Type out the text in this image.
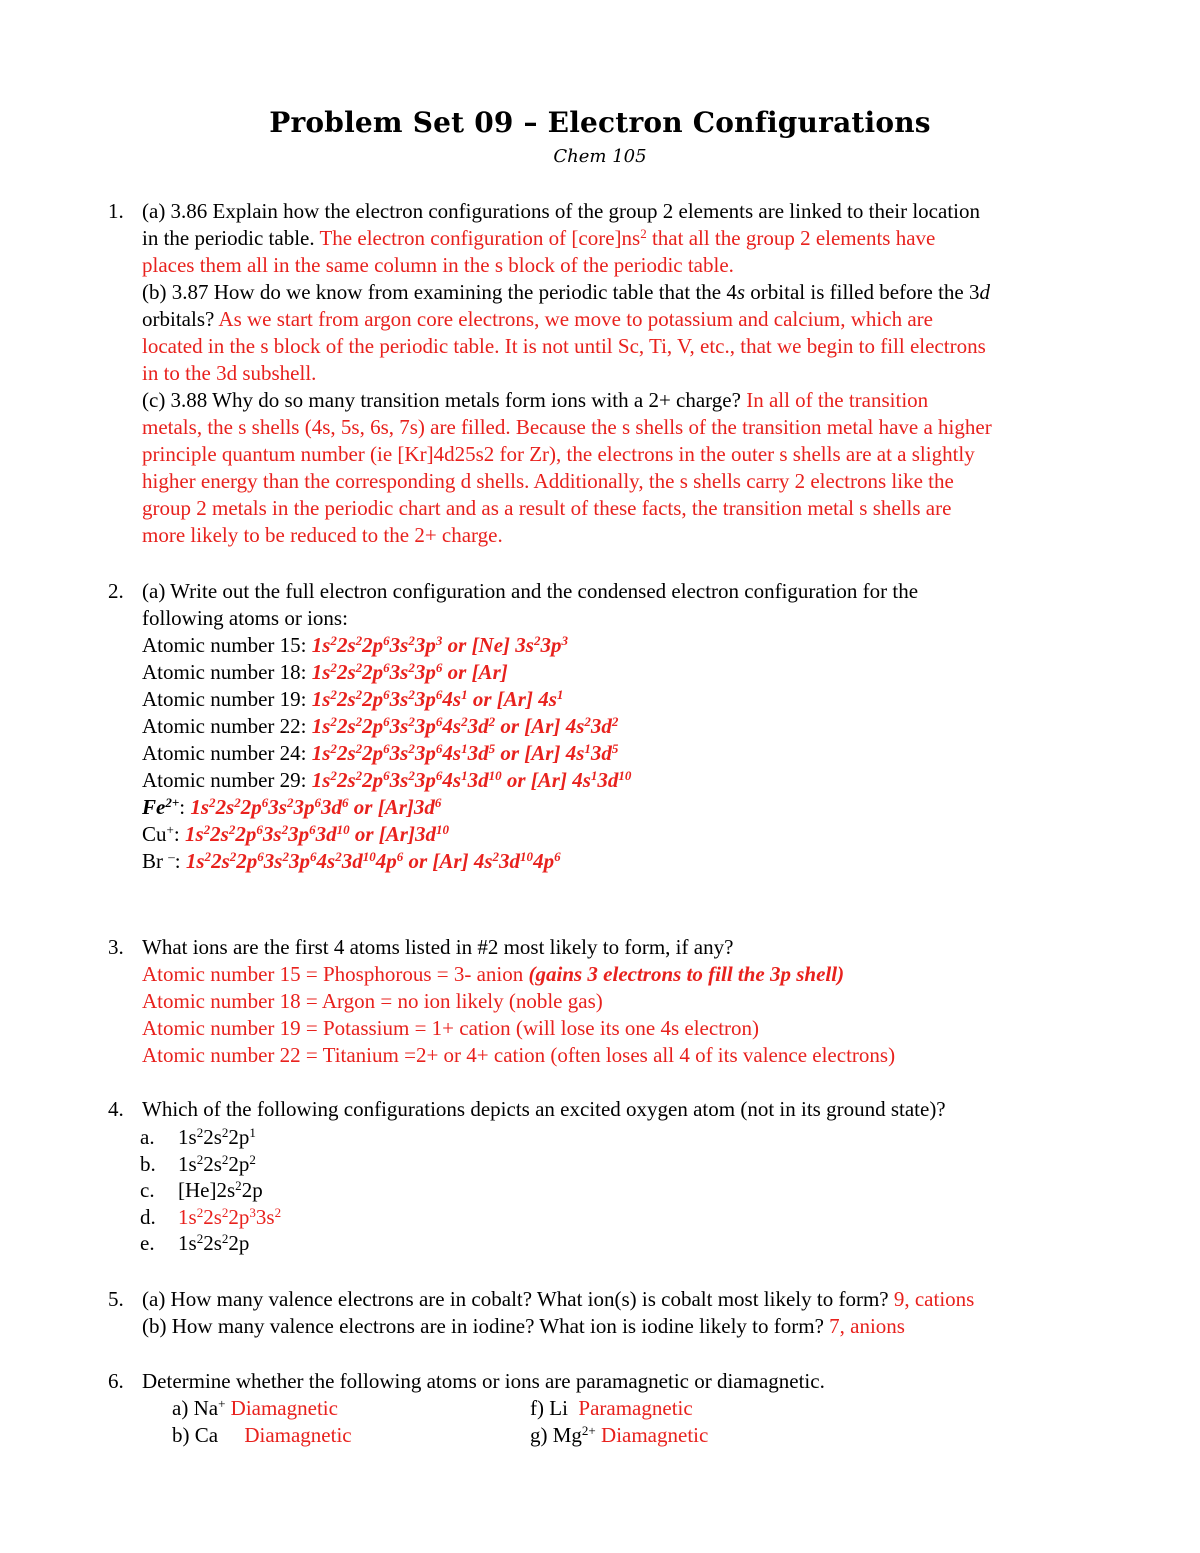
Problem Set 09 – Electron Configurations
Chem 105
1. (a) 3.86 Explain how the electron configurations of the group 2 elements are linked to their location
in the periodic table. The electron configuration of $[core]ns^2$ that all the group 2 elements have
places them all in the same column in the s block of the periodic table.
(b) 3.87 How do we know from examining the periodic table that the 4s orbital is filled before the 3d
orbitals? As we start from argon core electrons, we move to potassium and calcium, which are
located in the s block of the periodic table. It is not until Sc, Ti, V, etc., that we begin to fill electrons
in to the 3d subshell.
(c) 3.88 Why do so many transition metals form ions with a 2+ charge? In all of the transition
metals, the s shells (4s, 5s, 6s, 7s) are filled. Because the s shells of the transition metal have a higher
principle quantum number (ie [Kr]4d25s2 for Zr), the electrons in the outer s shells are at a slightly
higher energy than the corresponding d shells. Additionally, the s shells carry 2 electrons like the
group 2 metals in the periodic chart and as a result of these facts, the transition metal s shells are
more likely to be reduced to the 2+ charge.
2. (a) Write out the full electron configuration and the condensed electron configuration for the
following atoms or ions:
Atomic number 15: $1s^22s^22p^63s^23p^3$ or [Ne] $3s^23p^3$
Atomic number 18: $1s^22s^22p^63s^23p^6$ or [Ar]
Atomic number 19: $1s^22s^22p^63s^23p^64s^1$ or [Ar] $4s^1$
Atomic number 22: $1s^22s^22p^63s^23p^64s^23d^2$ or [Ar] $4s^23d^2$
Atomic number 24: $1s^22s^22p^63s^23p^64s^13d^5$ or [Ar] $4s^13d^5$
Atomic number 29: $1s^22s^22p^63s^23p^64s^13d^{10}$ or [Ar] $4s^13d^{10}$
$Fe^{2+}$: $1s^22s^22p^63s^23p^63d^6$ or $[Ar]3d^6$
Cu+: $1s^22s^22p^63s^23p^63d^{10}$ or $[Ar]3d^{10}$
Br –: $1s^22s^22p^63s^23p^64s^23d^{10}4p^6$ or [Ar] $4s^23d^{10}4p^6$
3. What ions are the first 4 atoms listed in #2 most likely to form, if any?
Atomic number 15 = Phosphorous = 3- anion (gains 3 electrons to fill the 3p shell)
Atomic number 18 = Argon = no ion likely (noble gas)
Atomic number 19 = Potassium = 1+ cation (will lose its one 4s electron)
Atomic number 22 = Titanium =2+ or 4+ cation (often loses all 4 of its valence electrons)
4. Which of the following configurations depicts an excited oxygen atom (not in its ground state)?
a. $1s^22s^22p^1$
b. $1s^22s^22p^2$
c. $[He]2s^22p$
d. $1s^22s^22p^33s^2$
e. $1s^22s^22p$
5. (a) How many valence electrons are in cobalt? What ion(s) is cobalt most likely to form? 9, cations
(b) How many valence electrons are in iodine? What ion is iodine likely to form? 7, anions
6. Determine whether the following atoms or ions are paramagnetic or diamagnetic.
a) Na+ Diamagnetic	f) Li Paramagnetic
b) Ca Diamagnetic	g) $Mg^{2+}$ Diamagnetic
